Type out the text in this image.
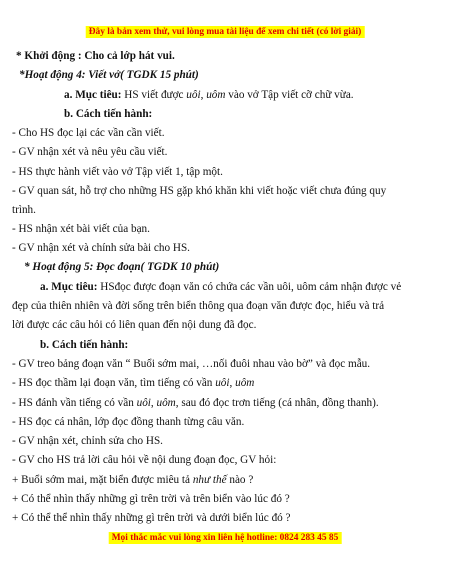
Đây là bản xem thử, vui lòng mua tài liệu để xem chi tiết (có lời giải)
* Khởi động : Cho cả lớp hát vui.
*Hoạt động 4: Viết vở( TGDK 15 phút)
a. Mục tiêu: HS viết được uôi, uôm vào vở Tập viết cỡ chữ vừa.
b. Cách tiến hành:
- Cho HS đọc lại các vần cần viết.
- GV nhận xét và nêu yêu cầu viết.
- HS thực hành viết vào vở Tập viết 1, tập một.
- GV quan sát, hỗ trợ cho những HS gặp khó khăn khi viết hoặc viết chưa đúng quy
trình.
- HS nhận xét bài viết của bạn.
- GV nhận xét và chính sửa bài cho HS.
* Hoạt động 5: Đọc đoạn( TGDK 10 phút)
a. Mục tiêu: HSđọc được đoạn văn có chứa các vần uôi, uôm cảm nhận được vẻ
đẹp của thiên nhiên và đời sống trên biển thông qua đoạn văn được đọc, hiểu và trả
lời được các câu hỏi có liên quan đến nội dung đã đọc.
b. Cách tiến hành:
- GV treo bảng đoạn văn “ Buổi sớm mai, …nối đuôi nhau vào bờ” và đọc mẫu.
- HS đọc thầm lại đoạn văn, tìm tiếng có vần uôi, uôm
- HS đánh vần tiếng có vần uôi, uôm, sau đó đọc trơn tiếng (cá nhân, đồng thanh).
- HS đọc cá nhân, lớp đọc đồng thanh từng câu văn.
- GV nhận xét, chỉnh sửa cho HS.
- GV cho HS trả lời câu hỏi về nội dung đoạn đọc, GV hỏi:
+ Buổi sớm mai, mặt biển được miêu tả như thế nào ?
+ Có thể nhìn thấy những gì trên trời và trên biển vào lúc đó ?
+ Có thể thể nhìn thấy những gì trên trời và dưới biển lúc đó ?
Mọi thắc mắc vui lòng xin liên hệ hotline: 0824 283 45 85
